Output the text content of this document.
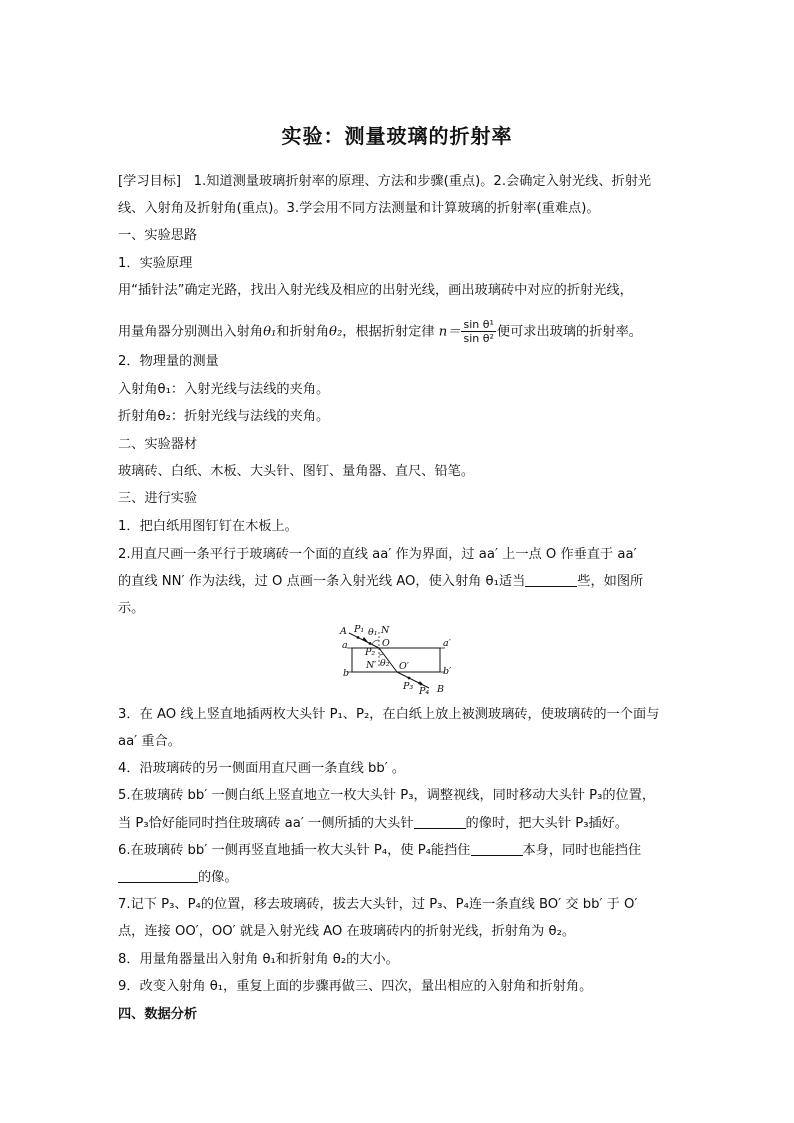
实验：测量玻璃的折射率
[学习目标] 1.知道测量玻璃折射率的原理、方法和步骤(重点)。2.会确定入射光线、折射光
线、入射角及折射角(重点)。3.学会用不同方法测量和计算玻璃的折射率(重难点)。
一、实验思路
1．实验原理
用“插针法”确定光路，找出入射光线及相应的出射光线，画出玻璃砖中对应的折射光线，
用量角器分别测出入射角θ₁和折射角θ₂，根据折射定律 $n= \frac{\text{sin θ¹}}{\text{sin θ²}}$ 便可求出玻璃的折射率。
2．物理量的测量
入射角θ₁：入射光线与法线的夹角。
折射角θ₂：折射光线与法线的夹角。
二、实验器材
玻璃砖、白纸、木板、大头针、图钉、量角器、直尺、铅笔。
三、进行实验
1．把白纸用图钉钉在木板上。
2.用直尺画一条平行于玻璃砖一个面的直线 aa′ 作为界面，过 aa′ 上一点 O 作垂直于 aa′
的直线 NN′ 作为法线，过 O 点画一条入射光线 AO，使入射角 θ₁适当	些，如图所
示。
A
a
P₁ θ₁ N
O	a′
P₂
N′ θ₂ O′
b	b′
P₃ P₄ B
3．在 AO 线上竖直地插两枚大头针 P₁、P₂，在白纸上放上被测玻璃砖，使玻璃砖的一个面与
aa′ 重合。
4．沿玻璃砖的另一侧面用直尺画一条直线 bb′ 。
5.在玻璃砖 bb′ 一侧白纸上竖直地立一枚大头针 P₃，调整视线，同时移动大头针 P₃的位置，
当 P₃恰好能同时挡住玻璃砖 aa′ 一侧所插的大头针	的像时，把大头针 P₃插好。
6.在玻璃砖 bb′ 一侧再竖直地插一枚大头针 P₄，使 P₄能挡住	本身，同时也能挡住
的像。
7.记下 P₃、P₄的位置，移去玻璃砖，拔去大头针，过 P₃、P₄连一条直线 BO′ 交 bb′ 于 O′
点，连接 OO′，OO′ 就是入射光线 AO 在玻璃砖内的折射光线，折射角为 θ₂。
8．用量角器量出入射角 θ₁和折射角 θ₂的大小。
9．改变入射角 θ₁，重复上面的步骤再做三、四次，量出相应的入射角和折射角。
四、数据分析
